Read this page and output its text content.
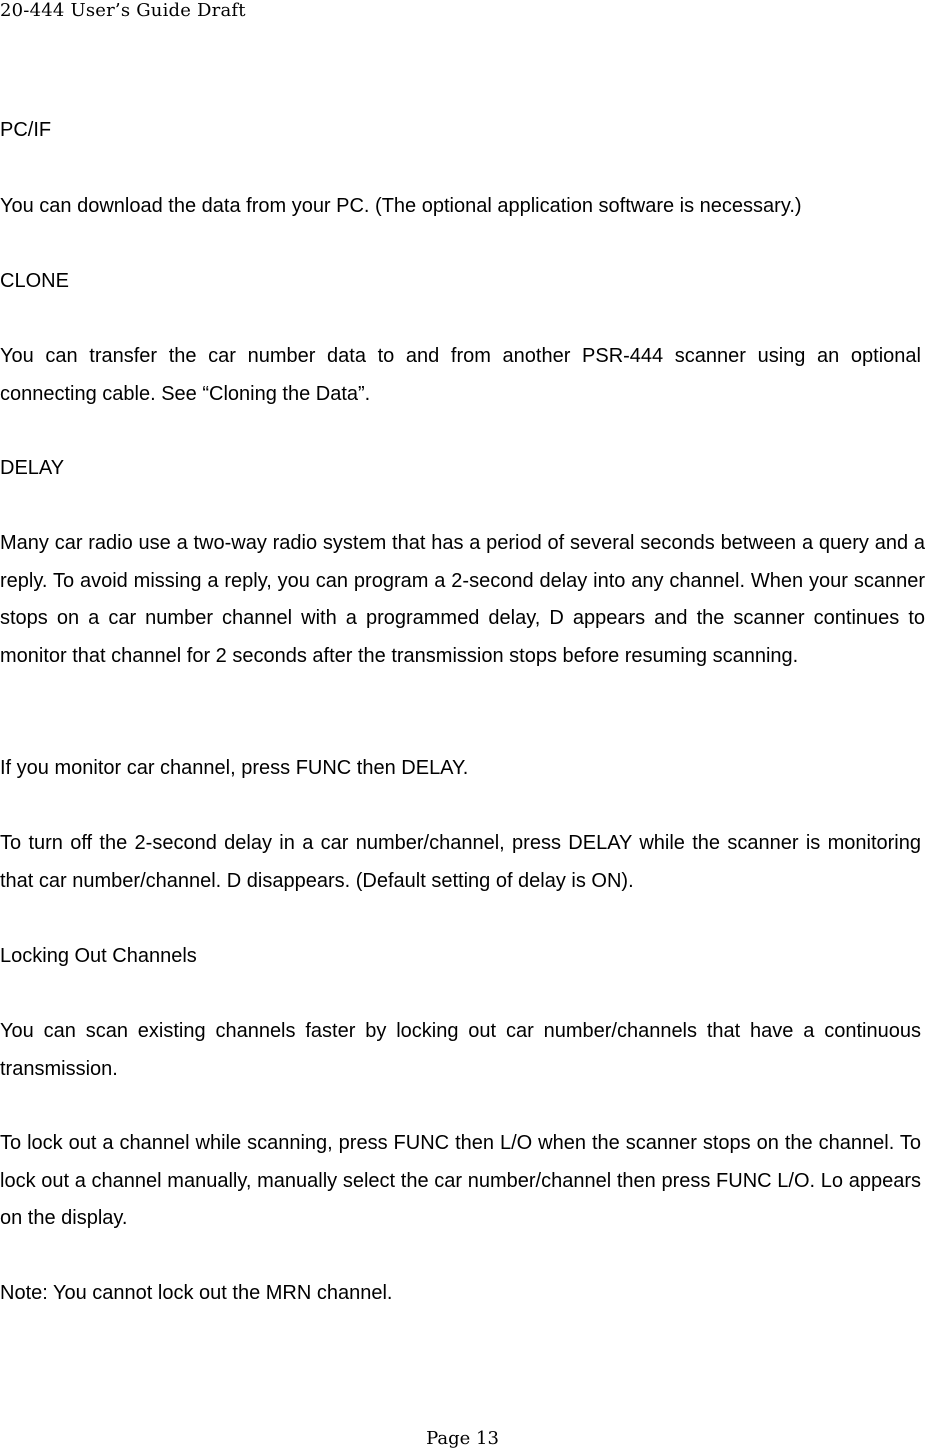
20-444 User’s Guide Draft

PC/IF

You can download the data from your PC. (The optional application software is necessary.)

CLONE

You can transfer the car number data to and from another PSR-444 scanner using an optional connecting cable. See “Cloning the Data”.

DELAY

Many car radio use a two-way radio system that has a period of several seconds between a query and a reply. To avoid missing a reply, you can program a 2-second delay into any channel. When your scanner stops on a car number channel with a programmed delay, D appears and the scanner continues to monitor that channel for 2 seconds after the transmission stops before resuming scanning.

If you monitor car channel, press FUNC then DELAY.

To turn off the 2-second delay in a car number/channel, press DELAY while the scanner is monitoring that car number/channel. D disappears. (Default setting of delay is ON).

Locking Out Channels

You can scan existing channels faster by locking out car number/channels that have a continuous transmission.

To lock out a channel while scanning, press FUNC then L/O when the scanner stops on the channel. To lock out a channel manually, manually select the car number/channel then press FUNC L/O. Lo appears on the display.

Note: You cannot lock out the MRN channel.

Page 13
